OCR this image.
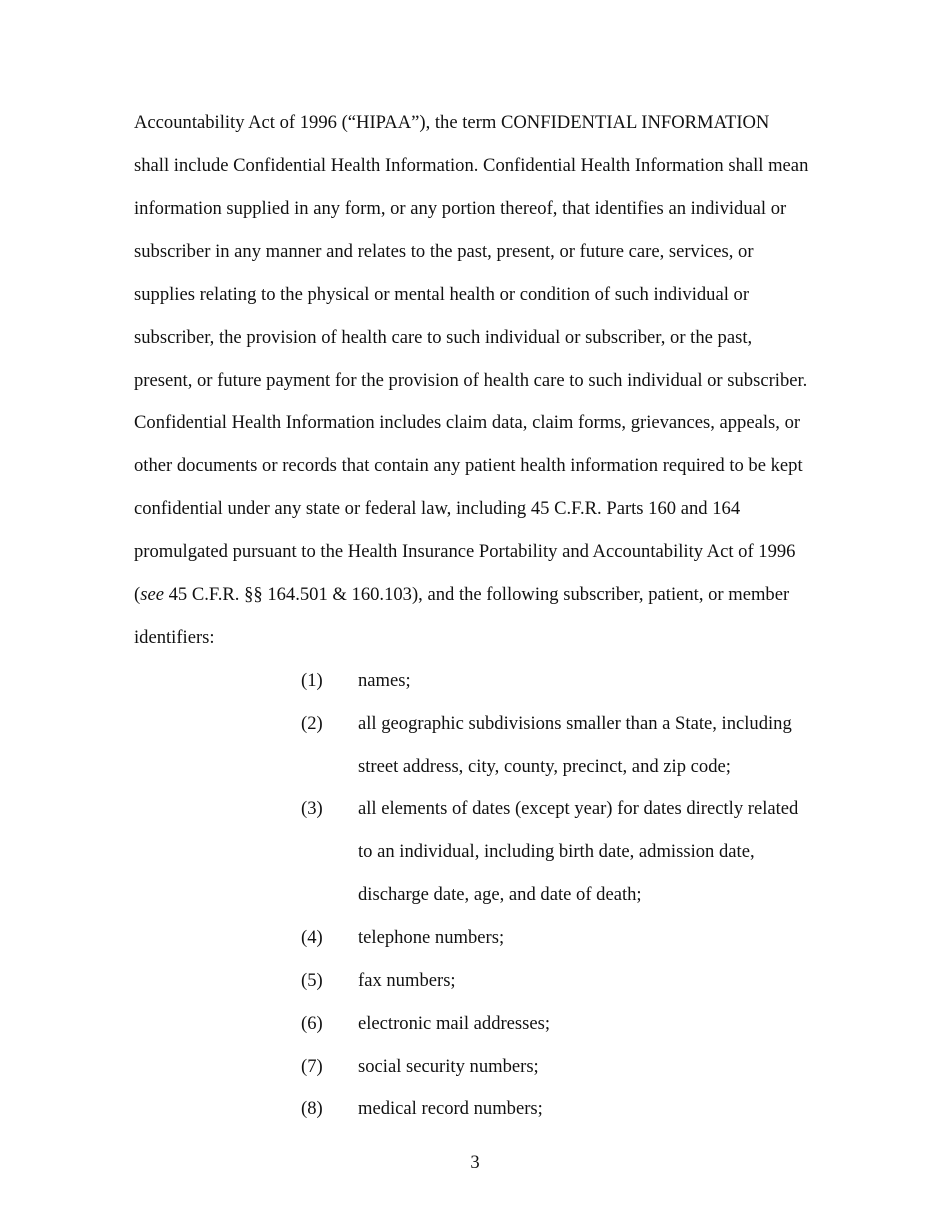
Accountability Act of 1996 (“HIPAA”), the term CONFIDENTIAL INFORMATION
shall include Confidential Health Information. Confidential Health Information shall mean
information supplied in any form, or any portion thereof, that identifies an individual or
subscriber in any manner and relates to the past, present, or future care, services, or
supplies relating to the physical or mental health or condition of such individual or
subscriber, the provision of health care to such individual or subscriber, or the past,
present, or future payment for the provision of health care to such individual or subscriber.
Confidential Health Information includes claim data, claim forms, grievances, appeals, or
other documents or records that contain any patient health information required to be kept
confidential under any state or federal law, including 45 C.F.R. Parts 160 and 164
promulgated pursuant to the Health Insurance Portability and Accountability Act of 1996
(see 45 C.F.R. §§ 164.501 & 160.103), and the following subscriber, patient, or member
identifiers:
(1) names;
(2) all geographic subdivisions smaller than a State, including
street address, city, county, precinct, and zip code;
(3) all elements of dates (except year) for dates directly related
to an individual, including birth date, admission date,
discharge date, age, and date of death;
(4) telephone numbers;
(5) fax numbers;
(6) electronic mail addresses;
(7) social security numbers;
(8) medical record numbers;
3
